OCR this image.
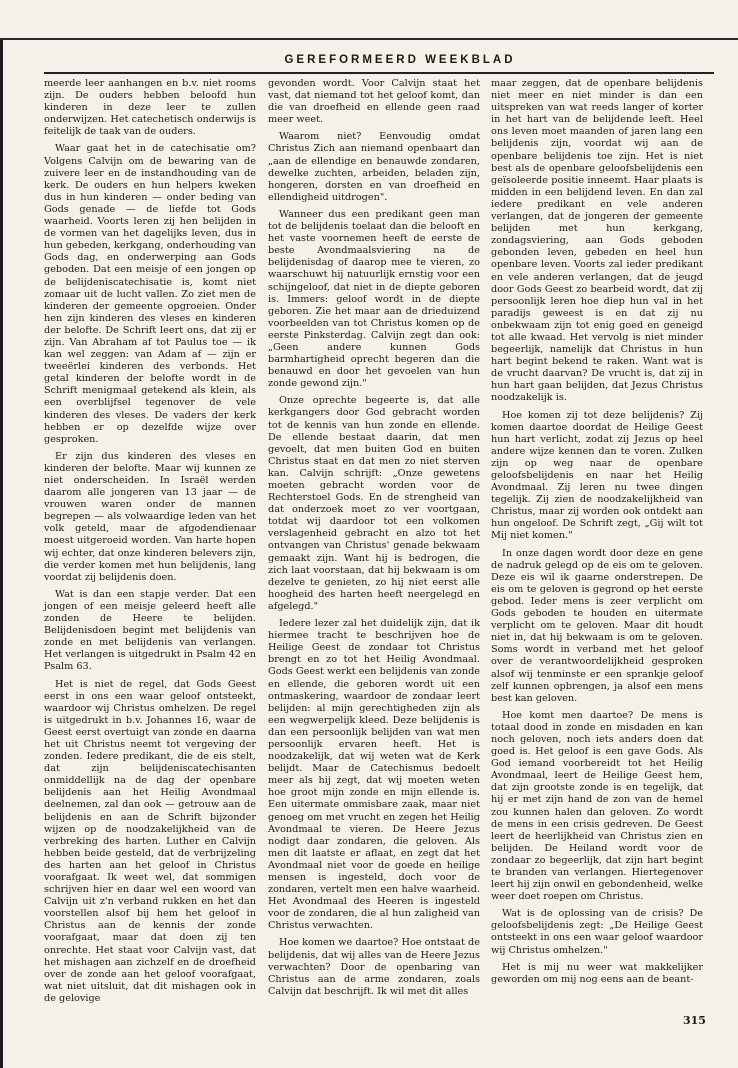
GEREFORMEERD WEEKBLAD

meerde leer aanhangen en b.v. niet rooms zijn. De ouders hebben beloofd hun kinderen in deze leer te zullen onderwijzen. Het catechetisch onderwijs is feitelijk de taak van de ouders.

Waar gaat het in de catechisatie om? Volgens Calvijn om de bewaring van de zuivere leer en de instandhouding van de kerk. De ouders en hun helpers kweken dus in hun kinderen — onder beding van Gods genade — de liefde tot Gods waarheid. Voorts leren zij hen belijden in de vormen van het dagelijks leven, dus in hun gebeden, kerkgang, onderhouding van Gods dag, en onderwerping aan Gods geboden. Dat een meisje of een jongen op de belijdeniscatechisatie is, komt niet zomaar uit de lucht vallen. Zo ziet men de kinderen der gemeente opgroeien. Onder hen zijn kinderen des vleses en kinderen der belofte. De Schrift leert ons, dat zij er zijn. Van Abraham af tot Paulus toe — ik kan wel zeggen: van Adam af — zijn er tweeërlei kinderen des verbonds. Het getal kinderen der belofte wordt in de Schrift menigmaal getekend als klein, als een overblijfsel tegenover de vele kinderen des vleses. De vaders der kerk hebben er op dezelfde wijze over gesproken.

Er zijn dus kinderen des vleses en kinderen der belofte. Maar wij kunnen ze niet onderscheiden. In Israël werden daarom alle jongeren van 13 jaar — de vrouwen waren onder de mannen begrepen — als volwaardige leden van het volk geteld, maar de afgodendienaar moest uitgeroeid worden. Van harte hopen wij echter, dat onze kinderen belevers zijn, die verder komen met hun belijdenis, lang voordat zij belijdenis doen.

Wat is dan een stapje verder. Dat een jongen of een meisje geleerd heeft alle zonden de Heere te belijden. Belijdenisdoen begint met belijdenis van zonde en met belijdenis van verlangen. Het verlangen is uitgedrukt in Psalm 42 en Psalm 63.

Het is niet de regel, dat Gods Geest eerst in ons een waar geloof ontsteekt, waardoor wij Christus omhelzen. De regel is uitgedrukt in b.v. Johannes 16, waar de Geest eerst overtuigt van zonde en daarna het uit Christus neemt tot vergeving der zonden. Iedere predikant, die de eis stelt, dat zijn belijdeniscatechisanten onmiddellijk na de dag der openbare belijdenis aan het Heilig Avondmaal deelnemen, zal dan ook — getrouw aan de belijdenis en aan de Schrift bijzonder wijzen op de noodzakelijkheid van de verbreking des harten. Luther en Calvijn hebben beide gesteld, dat de verbrijzeling des harten aan het geloof in Christus voorafgaat. Ik weet wel, dat sommigen schrijven hier en daar wel een woord van Calvijn uit z'n verband rukken en het dan voorstellen alsof bij hem het geloof in Christus aan de kennis der zonde voorafgaat, maar dat doen zij ten onrechte. Het staat voor Calvijn vast, dat het mishagen aan zichzelf en de droefheid over de zonde aan het geloof voorafgaat, wat niet uitsluit, dat dit mishagen ook in de gelovige

gevonden wordt. Voor Calvijn staat het vast, dat niemand tot het geloof komt, dan die van droefheid en ellende geen raad meer weet.

Waarom niet? Eenvoudig omdat Christus Zich aan niemand openbaart dan „aan de ellendige en benauwde zondaren, dewelke zuchten, arbeiden, beladen zijn, hongeren, dorsten en van droefheid en ellendigheid uitdrogen".

Wanneer dus een predikant geen man tot de belijdenis toelaat dan die belooft en het vaste voornemen heeft de eerste de beste Avondmaalsviering na de belijdenisdag of daarop mee te vieren, zo waarschuwt hij natuurlijk ernstig voor een schijngeloof, dat niet in de diepte geboren is. Immers: geloof wordt in de diepte geboren. Zie het maar aan de drieduizend voorbeelden van tot Christus komen op de eerste Pinksterdag. Calvijn zegt dan ook: „Geen andere kunnen Gods barmhartigheid oprecht begeren dan die benauwd en door het gevoelen van hun zonde gewond zijn."

Onze oprechte begeerte is, dat alle kerkgangers door God gebracht worden tot de kennis van hun zonde en ellende. De ellende bestaat daarin, dat men gevoelt, dat men buiten God en buiten Christus staat en dat men zo niet sterven kan. Calvijn schrijft: „Onze gewetens moeten gebracht worden voor de Rechterstoel Gods. En de strengheid van dat onderzoek moet zo ver voortgaan, totdat wij daardoor tot een volkomen verslagenheid gebracht en alzo tot het ontvangen van Christus' genade bekwaam gemaakt zijn. Want hij is bedrogen, die zich laat voorstaan, dat hij bekwaam is om dezelve te genieten, zo hij niet eerst alle hoogheid des harten heeft neergelegd en afgelegd."

Iedere lezer zal het duidelijk zijn, dat ik hiermee tracht te beschrijven hoe de Heilige Geest de zondaar tot Christus brengt en zo tot het Heilig Avondmaal. Gods Geest werkt een belijdenis van zonde en ellende, die geboren wordt uit een ontmaskering, waardoor de zondaar leert belijden: al mijn gerechtigheden zijn als een wegwerpelijk kleed. Deze belijdenis is dan een persoonlijk belijden van wat men persoonlijk ervaren heeft. Het is noodzakelijk, dat wij weten wat de Kerk belijdt. Maar de Catechismus bedoelt meer als hij zegt, dat wij moeten weten hoe groot mijn zonde en mijn ellende is. Een uitermate ommisbare zaak, maar niet genoeg om met vrucht en zegen het Heilig Avondmaal te vieren. De Heere Jezus nodigt daar zondaren, die geloven. Als men dit laatste er aflaat, en zegt dat het Avondmaal niet voor de goede en heilige mensen is ingesteld, doch voor de zondaren, vertelt men een halve waarheid. Het Avondmaal des Heeren is ingesteld voor de zondaren, die al hun zaligheid van Christus verwachten.

Hoe komen we daartoe? Hoe ontstaat de belijdenis, dat wij alles van de Heere Jezus verwachten? Door de openbaring van Christus aan de arme zondaren, zoals Calvijn dat beschrijft. Ik wil met dit alles

maar zeggen, dat de openbare belijdenis niet meer en niet minder is dan een uitspreken van wat reeds langer of korter in het hart van de belijdende leeft. Heel ons leven moet maanden of jaren lang een belijdenis zijn, voordat wij aan de openbare belijdenis toe zijn. Het is niet best als de openbare geloofsbelijdenis een geïsoleerde positie inneemt. Haar plaats is midden in een belijdend leven. En dan zal iedere predikant en vele anderen verlangen, dat de jongeren der gemeente belijden met hun kerkgang, zondagsviering, aan Gods geboden gebonden leven, gebeden en heel hun openbare leven. Voorts zal ieder predikant en vele anderen verlangen, dat de jeugd door Gods Geest zo bearbeid wordt, dat zij persoonlijk leren hoe diep hun val in het paradijs geweest is en dat zij nu onbekwaam zijn tot enig goed en geneigd tot alle kwaad. Het vervolg is niet minder begeerlijk, namelijk dat Christus in hun hart begint bekend te raken. Want wat is de vrucht daarvan? De vrucht is, dat zij in hun hart gaan belijden, dat Jezus Christus noodzakelijk is.

Hoe komen zij tot deze belijdenis? Zij komen daartoe doordat de Heilige Geest hun hart verlicht, zodat zij Jezus op heel andere wijze kennen dan te voren. Zulken zijn op weg naar de openbare geloofsbelijdenis en naar het Heilig Avondmaal. Zij leren nu twee dingen tegelijk. Zij zien de noodzakelijkheid van Christus, maar zij worden ook ontdekt aan hun ongeloof. De Schrift zegt, „Gij wilt tot Mij niet komen."

In onze dagen wordt door deze en gene de nadruk gelegd op de eis om te geloven. Deze eis wil ik gaarne onderstrepen. De eis om te geloven is gegrond op het eerste gebod. Ieder mens is zeer verplicht om Gods geboden te houden en uitermate verplicht om te geloven. Maar dit houdt niet in, dat hij bekwaam is om te geloven. Soms wordt in verband met het geloof over de verantwoordelijkheid gesproken alsof wij tenminste er een sprankje geloof zelf kunnen opbrengen, ja alsof een mens best kan geloven.

Hoe komt men daartoe? De mens is totaal dood in zonde en misdaden en kan noch geloven, noch iets anders doen dat goed is. Het geloof is een gave Gods. Als God iemand voorbereidt tot het Heilig Avondmaal, leert de Heilige Geest hem, dat zijn grootste zonde is en tegelijk, dat hij er met zijn hand de zon van de hemel zou kunnen halen dan geloven. Zo wordt de mens in een crisis gedreven. De Geest leert de heerlijkheid van Christus zien en belijden. De Heiland wordt voor de zondaar zo begeerlijk, dat zijn hart begint te branden van verlangen. Hiertegenover leert hij zijn onwil en gebondenheid, welke weer doet roepen om Christus.

Wat is de oplossing van de crisis? De geloofsbelijdenis zegt: „De Heilige Geest ontsteekt in ons een waar geloof waardoor wij Christus omhelzen."

Het is mij nu weer wat makkelijker geworden om mij nog eens aan de beant-

315
